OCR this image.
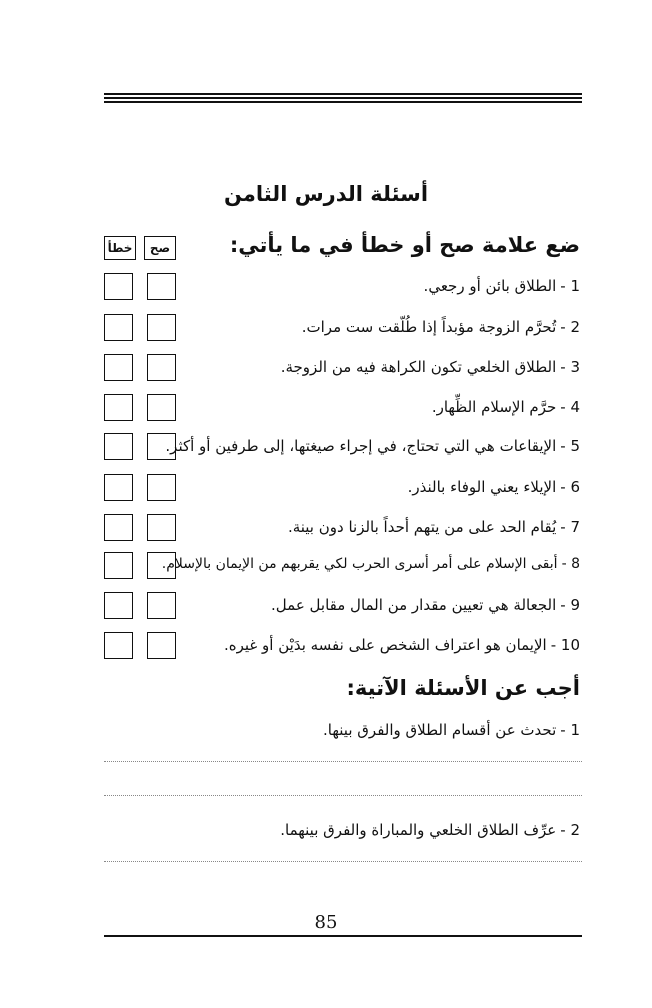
أسئلة الدرس الثامن
ضع علامة صح أو خطأ في ما يأتي:
خطأ	صح
1 -الطلاق بائن أو رجعي.
2 -تُحرَّم الزوجة مؤبداً إذا طُلّقت ست مرات.
3 -الطلاق الخلعي تكون الكراهة فيه من الزوجة.
4 -حرَّم الإسلام الظِّهار.
5 -الإيقاعات هي التي تحتاج، في إجراء صيغتها، إلى طرفين أو أكثر.
6 -الإيلاء يعني الوفاء بالنذر.
7 -يُقام الحد على من يتهم أحداً بالزنا دون بينة.
8 -أبقى الإسلام على أمر أسرى الحرب لكي يقربهم من الإيمان بالإسلام.
9 -الجعالة هي تعيين مقدار من المال مقابل عمل.
10 -الإيمان هو اعتراف الشخص على نفسه بدَيْن أو غيره.
أجب عن الأسئلة الآتية:
1 -تحدث عن أقسام الطلاق والفرق بينها.
2 -عرِّف الطلاق الخلعي والمباراة والفرق بينهما.
85
